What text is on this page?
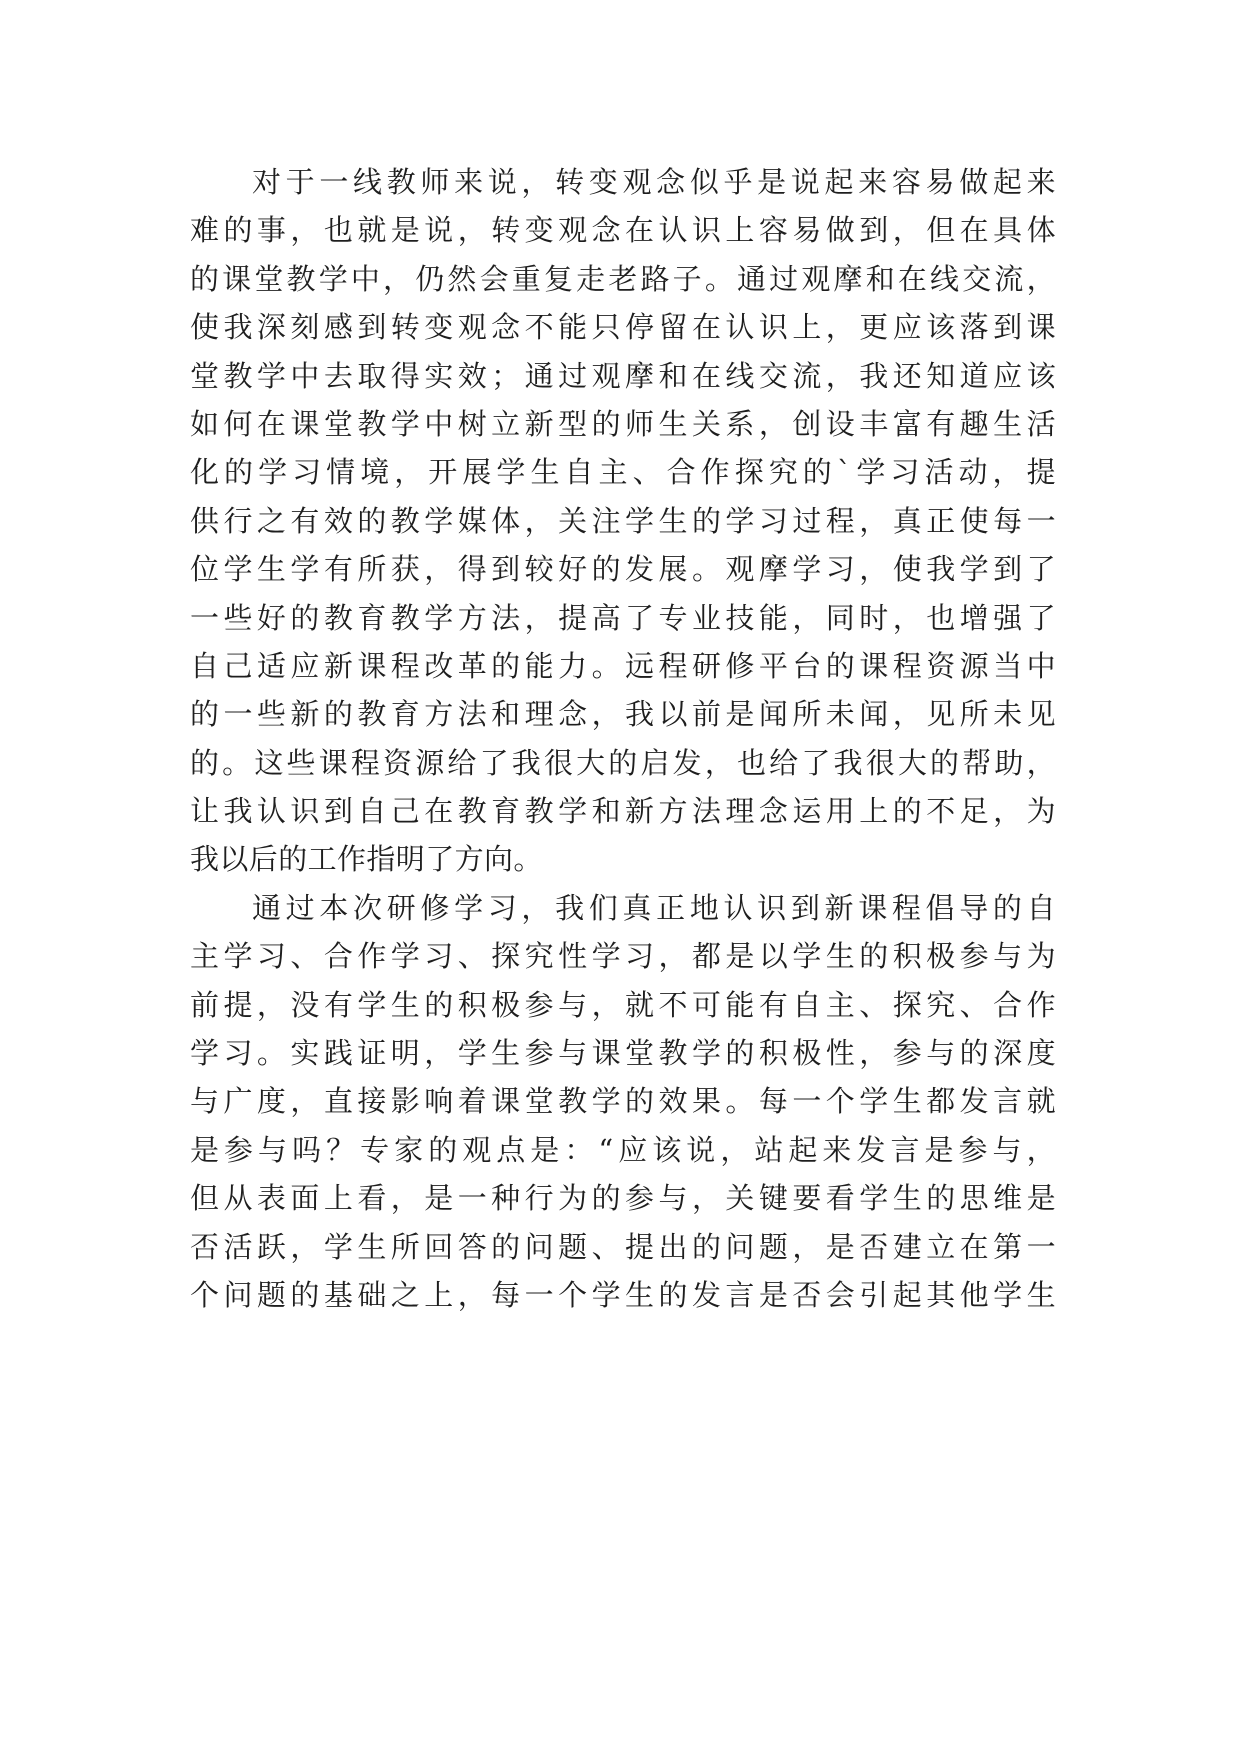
对于一线教师来说，转变观念似乎是说起来容易做起来
难的事，也就是说，转变观念在认识上容易做到，但在具体
的课堂教学中，仍然会重复走老路子。通过观摩和在线交流，
使我深刻感到转变观念不能只停留在认识上，更应该落到课
堂教学中去取得实效；通过观摩和在线交流，我还知道应该
如何在课堂教学中树立新型的师生关系，创设丰富有趣生活
化的学习情境，开展学生自主、合作探究的`学习活动，提
供行之有效的教学媒体，关注学生的学习过程，真正使每一
位学生学有所获，得到较好的发展。观摩学习，使我学到了
一些好的教育教学方法，提高了专业技能，同时，也增强了
自己适应新课程改革的能力。远程研修平台的课程资源当中
的一些新的教育方法和理念，我以前是闻所未闻，见所未见
的。这些课程资源给了我很大的启发，也给了我很大的帮助，
让我认识到自己在教育教学和新方法理念运用上的不足，为
我以后的工作指明了方向。
通过本次研修学习，我们真正地认识到新课程倡导的自
主学习、合作学习、探究性学习，都是以学生的积极参与为
前提，没有学生的积极参与，就不可能有自主、探究、合作
学习。实践证明，学生参与课堂教学的积极性，参与的深度
与广度，直接影响着课堂教学的效果。每一个学生都发言就
是参与吗？专家的观点是：“应该说，站起来发言是参与，
但从表面上看，是一种行为的参与，关键要看学生的思维是
否活跃，学生所回答的问题、提出的问题，是否建立在第一
个问题的基础之上，每一个学生的发言是否会引起其他学生
